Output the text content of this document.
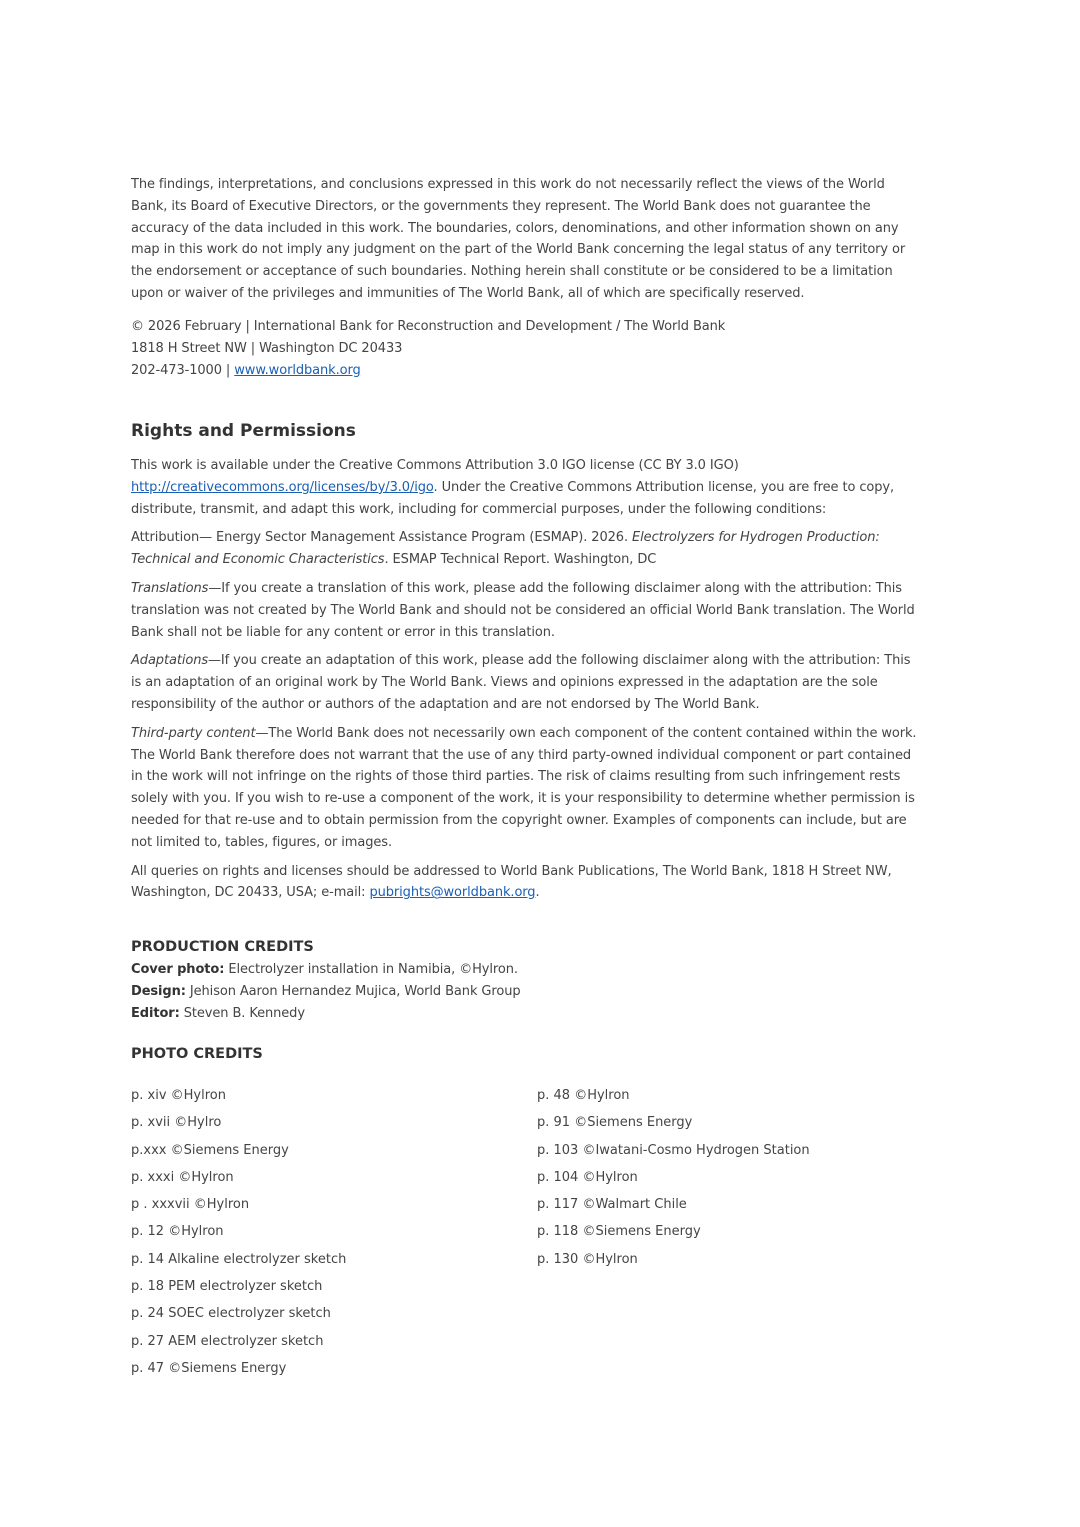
The findings, interpretations, and conclusions expressed in this work do not necessarily reflect the views of the World Bank, its Board of Executive Directors, or the governments they represent. The World Bank does not guarantee the accuracy of the data included in this work. The boundaries, colors, denominations, and other information shown on any map in this work do not imply any judgment on the part of the World Bank concerning the legal status of any territory or the endorsement or acceptance of such boundaries. Nothing herein shall constitute or be considered to be a limitation upon or waiver of the privileges and immunities of The World Bank, all of which are specifically reserved.

© 2026 February | International Bank for Reconstruction and Development / The World Bank

1818 H Street NW | Washington DC 20433

202-473-1000 | www.worldbank.org

Rights and Permissions

This work is available under the Creative Commons Attribution 3.0 IGO license (CC BY 3.0 IGO) http://creativecommons.org/licenses/by/3.0/igo. Under the Creative Commons Attribution license, you are free to copy, distribute, transmit, and adapt this work, including for commercial purposes, under the following conditions:

Attribution— Energy Sector Management Assistance Program (ESMAP). 2026. Electrolyzers for Hydrogen Production: Technical and Economic Characteristics. ESMAP Technical Report. Washington, DC

Translations—If you create a translation of this work, please add the following disclaimer along with the attribution: This translation was not created by The World Bank and should not be considered an official World Bank translation. The World Bank shall not be liable for any content or error in this translation.

Adaptations—If you create an adaptation of this work, please add the following disclaimer along with the attribution: This is an adaptation of an original work by The World Bank. Views and opinions expressed in the adaptation are the sole responsibility of the author or authors of the adaptation and are not endorsed by The World Bank.

Third-party content—The World Bank does not necessarily own each component of the content contained within the work. The World Bank therefore does not warrant that the use of any third party-owned individual component or part contained in the work will not infringe on the rights of those third parties. The risk of claims resulting from such infringement rests solely with you. If you wish to re-use a component of the work, it is your responsibility to determine whether permission is needed for that re-use and to obtain permission from the copyright owner. Examples of components can include, but are not limited to, tables, figures, or images.

All queries on rights and licenses should be addressed to World Bank Publications, The World Bank, 1818 H Street NW, Washington, DC 20433, USA; e-mail: pubrights@worldbank.org.

PRODUCTION CREDITS

Cover photo: Electrolyzer installation in Namibia, ©Hylron.

Design: Jehison Aaron Hernandez Mujica, World Bank Group

Editor: Steven B. Kennedy

PHOTO CREDITS
p. xiv ©Hylron
p. xvii ©Hylro
p.xxx ©Siemens Energy
p. xxxi ©Hylron
p . xxxvii ©Hylron
p. 12 ©Hylron
p. 14 Alkaline electrolyzer sketch
p. 18 PEM electrolyzer sketch
p. 24 SOEC electrolyzer sketch
p. 27 AEM electrolyzer sketch
p. 47 ©Siemens Energy
p. 48 ©Hylron
p. 91 ©Siemens Energy
p. 103 ©Iwatani-Cosmo Hydrogen Station
p. 104 ©Hylron
p. 117 ©Walmart Chile
p. 118 ©Siemens Energy
p. 130 ©Hylron
